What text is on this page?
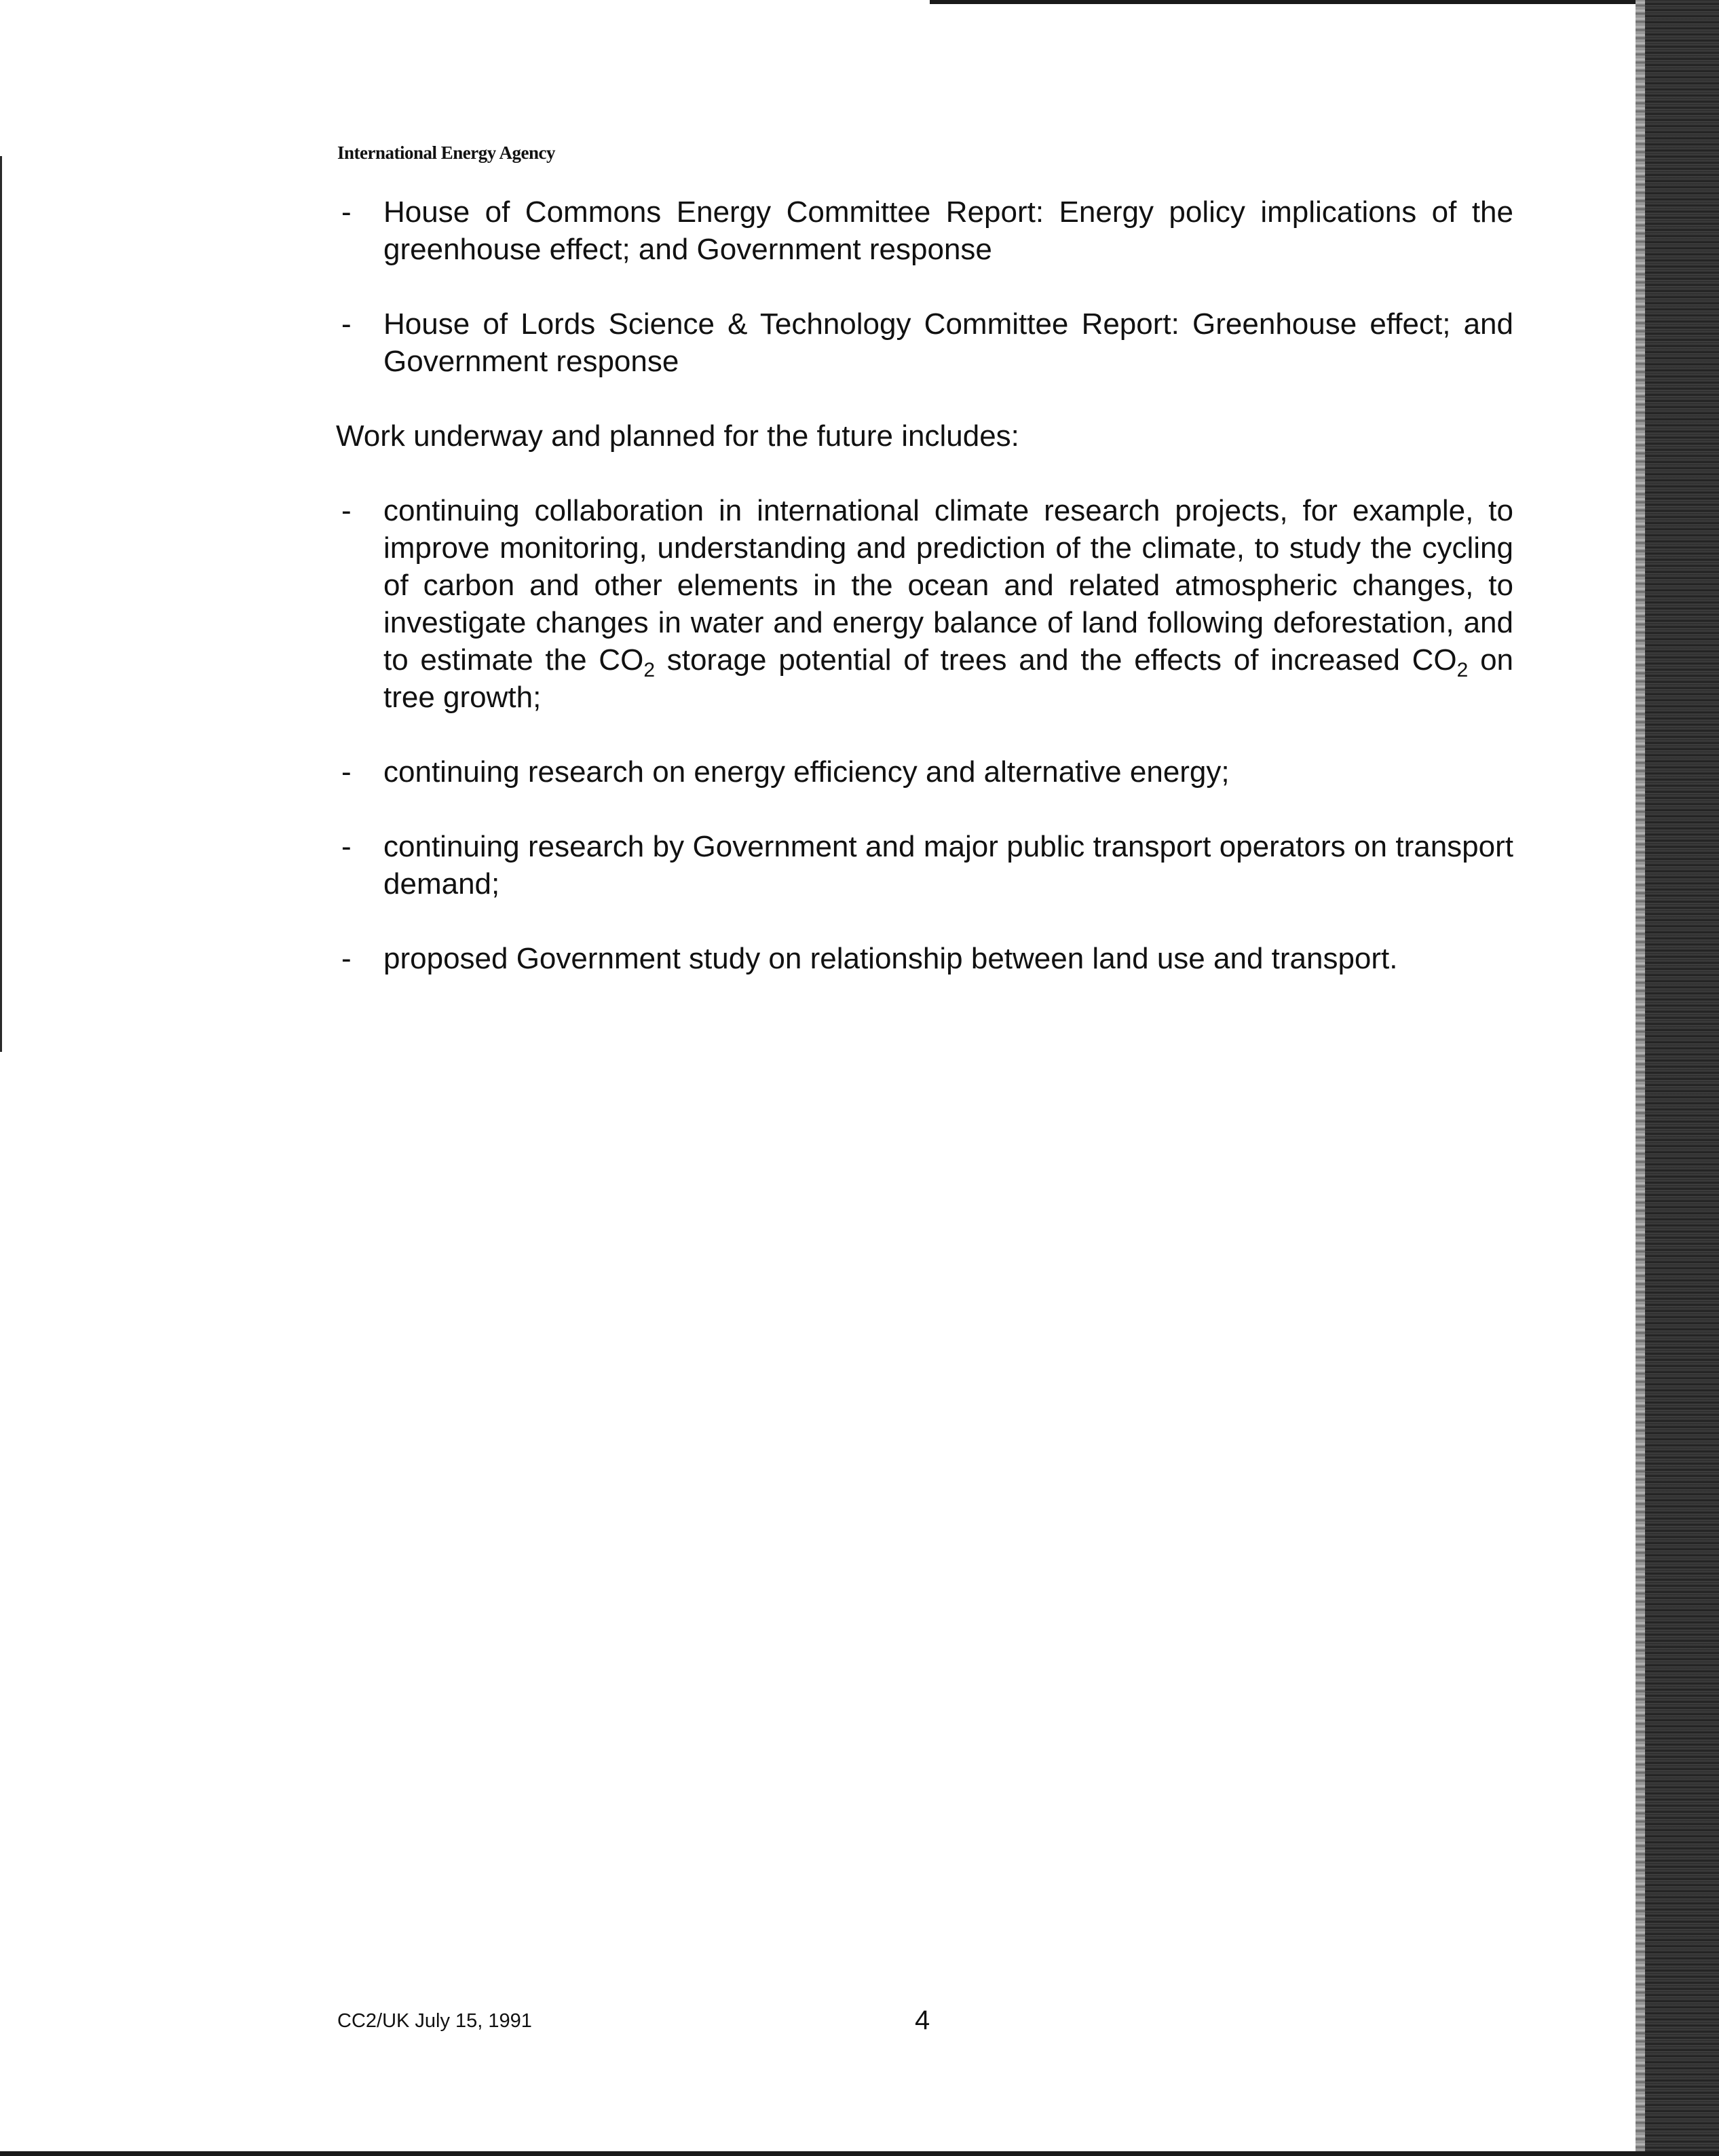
International Energy Agency
- House of Commons Energy Committee Report: Energy policy implications of the greenhouse effect; and Government response
- House of Lords Science & Technology Committee Report: Greenhouse effect; and Government response

Work underway and planned for the future includes:

- continuing collaboration in international climate research projects, for example, to improve monitoring, understanding and prediction of the climate, to study the cycling of carbon and other elements in the ocean and related atmospheric changes, to investigate changes in water and energy balance of land following deforestation, and to estimate the $CO_2$ storage potential of trees and the effects of increased $CO_2$ on tree growth;
- continuing research on energy efficiency and alternative energy;
- continuing research by Government and major public transport operators on transport demand;
- proposed Government study on relationship between land use and transport.
CC2/UK July 15, 1991	4
